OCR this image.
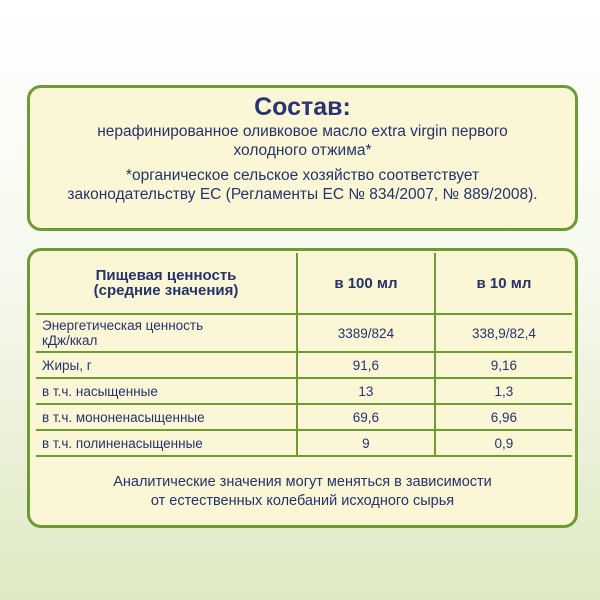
Состав:
нерафинированное оливковое масло extra virgin первого
холодного отжима*
*органическое сельское хозяйство соответствует
законодательству ЕС (Регламенты ЕС № 834/2007, № 889/2008).
Пищевая ценность
(средние значения)	в 100 мл	в 10 мл

Энергетическая ценность
кДж/ккал	3389/824	338,9/82,4
Жиры, г	91,6	9,16
в т.ч. насыщенные	13	1,3
в т.ч. мононенасыщенные	69,6	6,96
в т.ч. полиненасыщенные	9	0,9
Аналитические значения могут меняться в зависимости
от естественных колебаний исходного сырья
